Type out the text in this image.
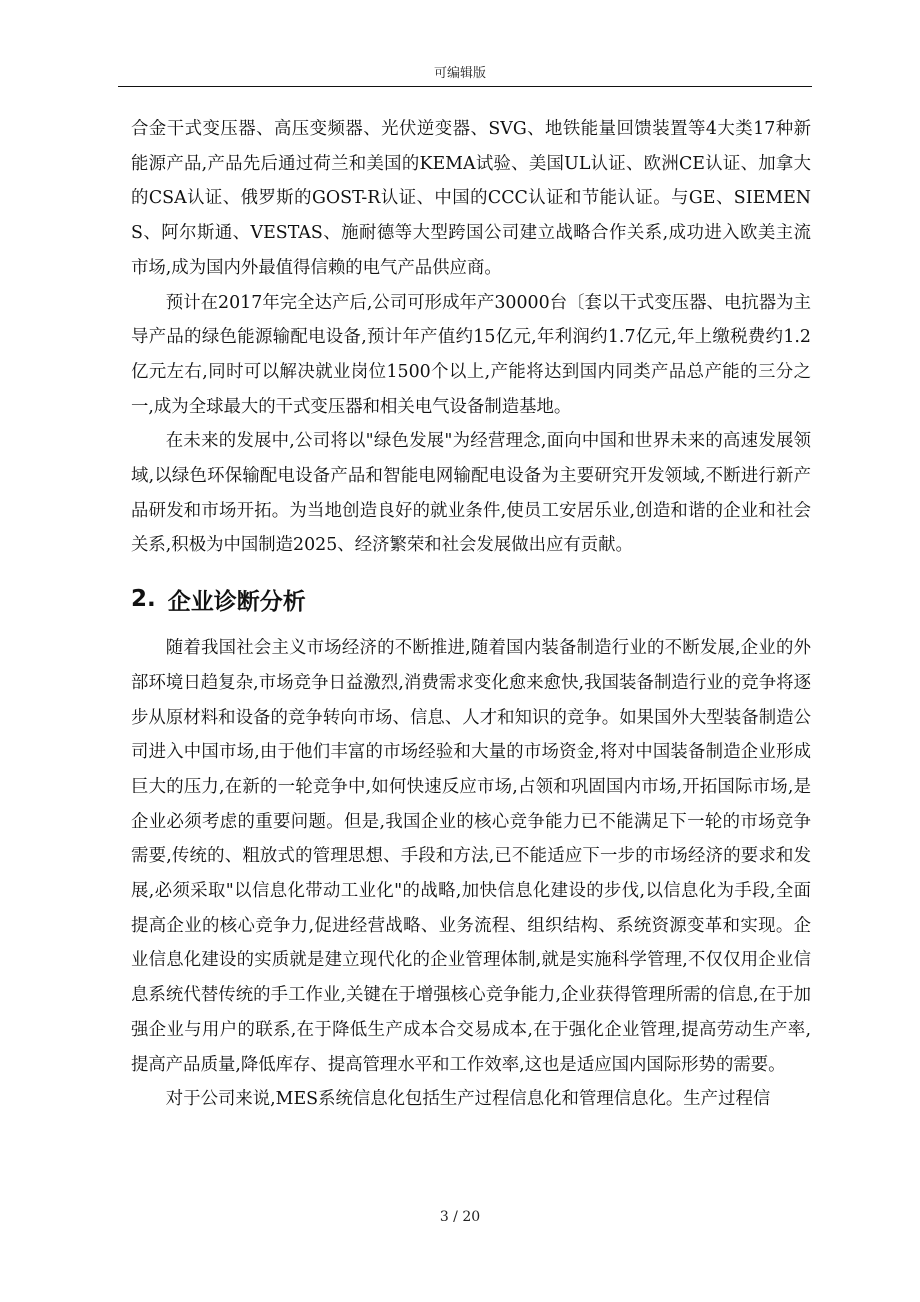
可编辑版

合金干式变压器、高压变频器、光伏逆变器、SVG、地铁能量回馈装置等4大类17种新能源产品,产品先后通过荷兰和美国的KEMA试验、美国UL认证、欧洲CE认证、加拿大的CSA认证、俄罗斯的GOST-R认证、中国的CCC认证和节能认证。与GE、SIEMENS、阿尔斯通、VESTAS、施耐德等大型跨国公司建立战略合作关系,成功进入欧美主流市场,成为国内外最值得信赖的电气产品供应商。

预计在2017年完全达产后,公司可形成年产30000台〔套以干式变压器、电抗器为主导产品的绿色能源输配电设备,预计年产值约15亿元,年利润约1.7亿元,年上缴税费约1.2亿元左右,同时可以解决就业岗位1500个以上,产能将达到国内同类产品总产能的三分之一,成为全球最大的干式变压器和相关电气设备制造基地。

在未来的发展中,公司将以"绿色发展"为经营理念,面向中国和世界未来的高速发展领域,以绿色环保输配电设备产品和智能电网输配电设备为主要研究开发领域,不断进行新产品研发和市场开拓。为当地创造良好的就业条件,使员工安居乐业,创造和谐的企业和社会关系,积极为中国制造2025、经济繁荣和社会发展做出应有贡献。

2. 企业诊断分析

随着我国社会主义市场经济的不断推进,随着国内装备制造行业的不断发展,企业的外部环境日趋复杂,市场竞争日益激烈,消费需求变化愈来愈快,我国装备制造行业的竞争将逐步从原材料和设备的竞争转向市场、信息、人才和知识的竞争。如果国外大型装备制造公司进入中国市场,由于他们丰富的市场经验和大量的市场资金,将对中国装备制造企业形成巨大的压力,在新的一轮竞争中,如何快速反应市场,占领和巩固国内市场,开拓国际市场,是企业必须考虑的重要问题。但是,我国企业的核心竞争能力已不能满足下一轮的市场竞争需要,传统的、粗放式的管理思想、手段和方法,已不能适应下一步的市场经济的要求和发展,必须采取"以信息化带动工业化"的战略,加快信息化建设的步伐,以信息化为手段,全面提高企业的核心竞争力,促进经营战略、业务流程、组织结构、系统资源变革和实现。企业信息化建设的实质就是建立现代化的企业管理体制,就是实施科学管理,不仅仅用企业信息系统代替传统的手工作业,关键在于增强核心竞争能力,企业获得管理所需的信息,在于加强企业与用户的联系,在于降低生产成本合交易成本,在于强化企业管理,提高劳动生产率,提高产品质量,降低库存、提高管理水平和工作效率,这也是适应国内国际形势的需要。

对于公司来说,MES系统信息化包括生产过程信息化和管理信息化。生产过程信

3 / 20
